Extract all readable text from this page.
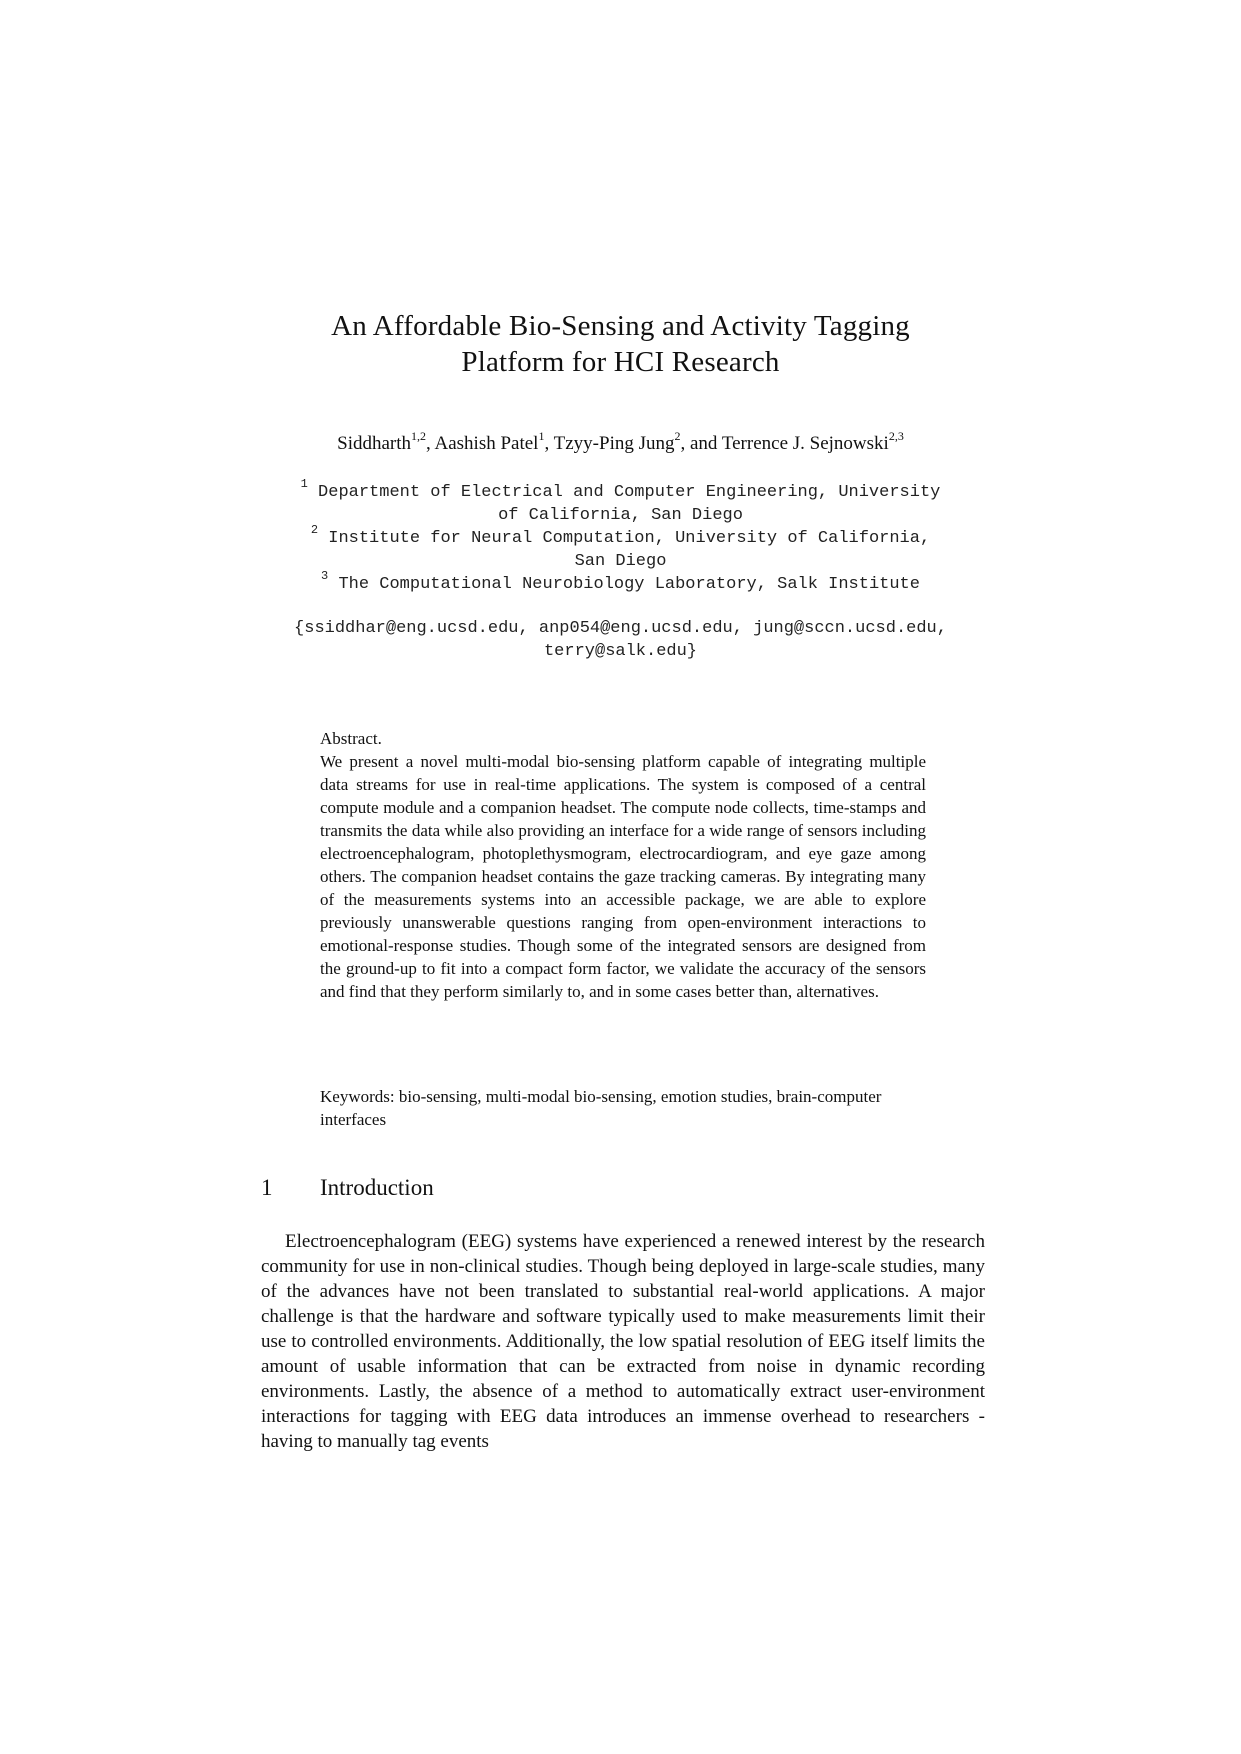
An Affordable Bio-Sensing and Activity Tagging
Platform for HCI Research
Siddharth$^{1,2}$, Aashish Patel$^1$, Tzyy-Ping Jung$^2$, and Terrence J. Sejnowski$^{2,3}$
$^1$ Department of Electrical and Computer Engineering, University
of California, San Diego
$^2$ Institute for Neural Computation, University of California,
San Diego
$^3$ The Computational Neurobiology Laboratory, Salk Institute
{ssiddhar@eng.ucsd.edu, anp054@eng.ucsd.edu, jung@sccn.ucsd.edu,
terry@salk.edu}
Abstract.

We present a novel multi-modal bio-sensing platform capable of integrating multiple data streams for use in real-time applications. The system is composed of a central compute module and a companion headset. The compute node collects, time-stamps and transmits the data while also providing an interface for a wide range of sensors including electroencephalogram, photoplethysmogram, electrocardiogram, and eye gaze among others. The companion headset contains the gaze tracking cameras. By integrating many of the measurements systems into an accessible package, we are able to explore previously unanswerable questions ranging from open-environment interactions to emotional-response studies. Though some of the integrated sensors are designed from the ground-up to fit into a compact form factor, we validate the accuracy of the sensors and find that they perform similarly to, and in some cases better than, alternatives.

Keywords: bio-sensing, multi-modal bio-sensing, emotion studies, brain-computer interfaces
1 Introduction

Electroencephalogram (EEG) systems have experienced a renewed interest by the research community for use in non-clinical studies. Though being deployed in large-scale studies, many of the advances have not been translated to substantial real-world applications. A major challenge is that the hardware and software typically used to make measurements limit their use to controlled environments. Additionally, the low spatial resolution of EEG itself limits the amount of usable information that can be extracted from noise in dynamic recording environments. Lastly, the absence of a method to automatically extract user-environment interactions for tagging with EEG data introduces an immense overhead to researchers - having to manually tag events
